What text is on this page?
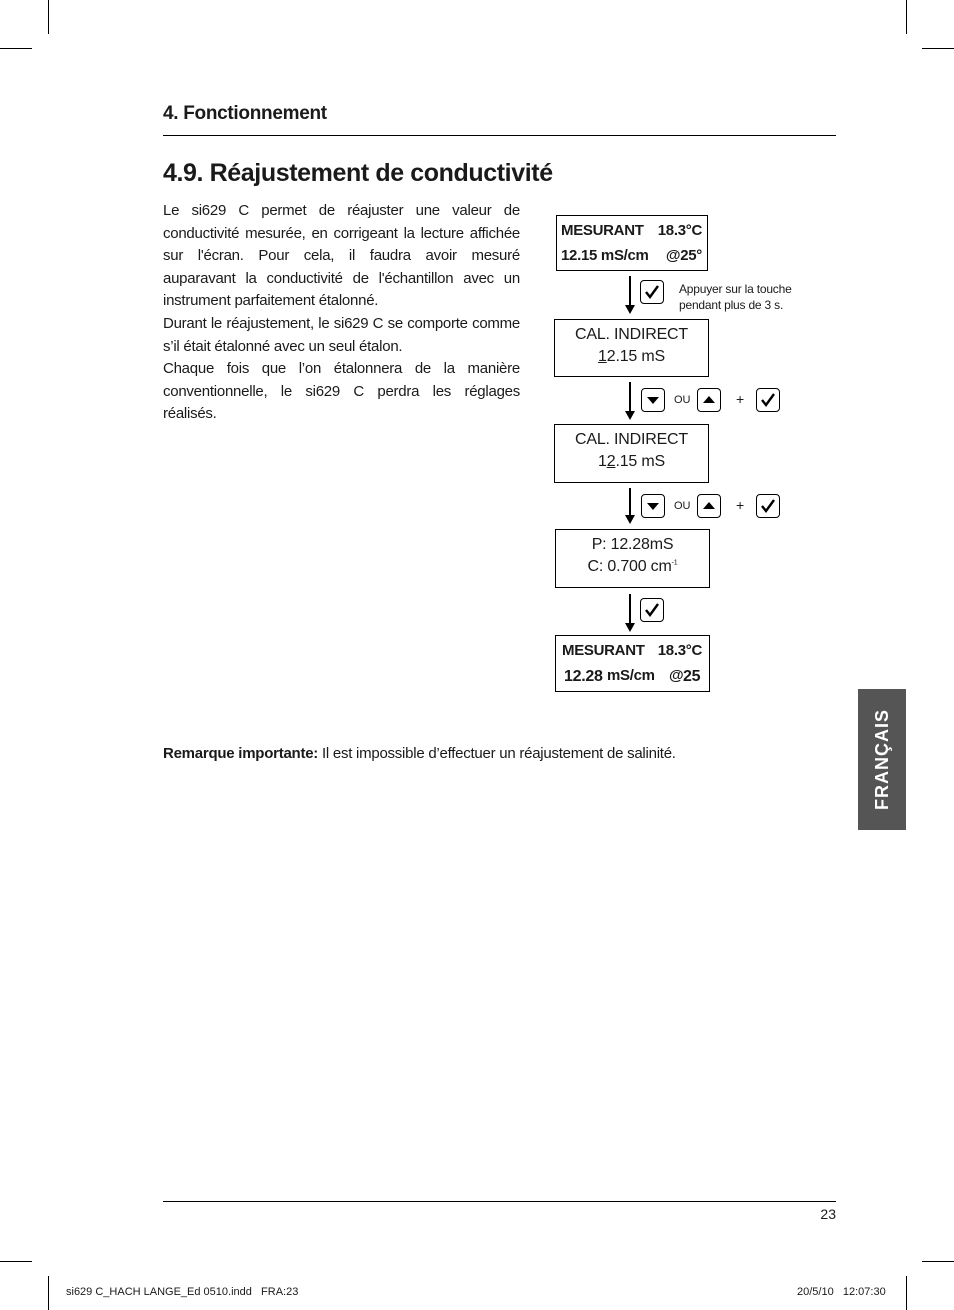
4. Fonctionnement
4.9. Réajustement de conductivité

Le si629 C permet de réajuster une valeur de conductivité mesurée, en corrigeant la lecture affichée sur l'écran. Pour cela, il faudra avoir mesuré auparavant la conductivité de l'échantillon avec un instrument parfaitement étalonné.

Durant le réajustement, le si629 C se comporte comme s’il était étalonné avec un seul étalon.

Chaque fois que l’on étalonnera de la manière conventionnelle, le si629 C perdra les réglages réalisés.

MESURANT 18.3°C
12.15 mS/cm @25°
Appuyer sur la touche pendant plus de 3 s.
CAL. INDIRECT
12.15 mS
OU	+
CAL. INDIRECT
12.15 mS
OU	+
P: 12.28mS
C: 0.700 $cm^{-1}$
MESURANT 18.3°C
12.28 mS/cm @ 25
Remarque importante: Il est impossible d’effectuer un réajustement de salinité.	FRANÇAIS
23
si629 C_HACH LANGE_Ed 0510.indd   FRA:23	20/5/10   12:07:30
